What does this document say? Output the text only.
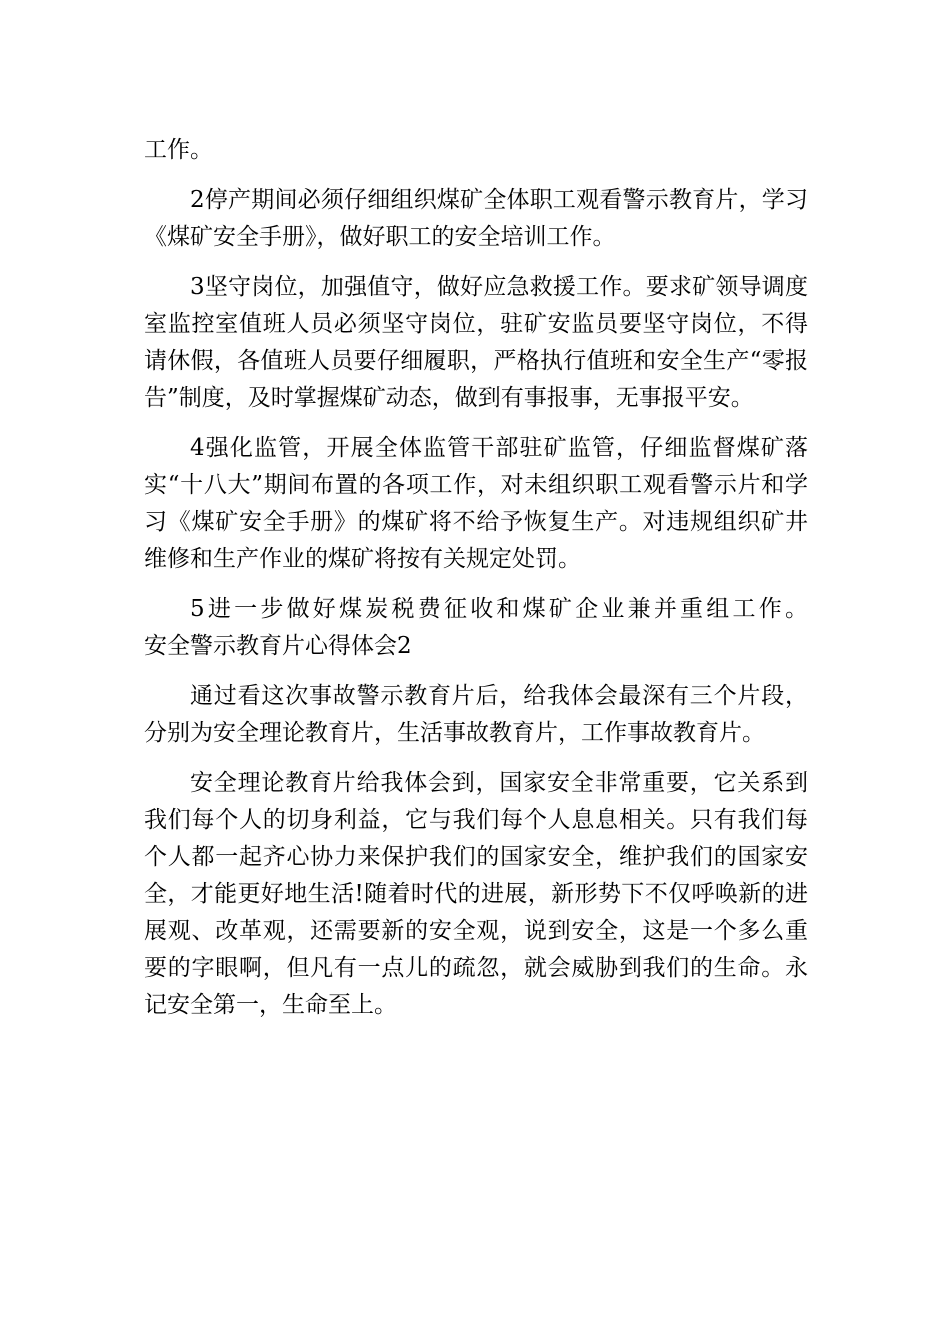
工作。

2停产期间必须仔细组织煤矿全体职工观看警示教育片，学习《煤矿安全手册》，做好职工的安全培训工作。

3坚守岗位，加强值守，做好应急救援工作。要求矿领导调度室监控室值班人员必须坚守岗位，驻矿安监员要坚守岗位，不得请休假，各值班人员要仔细履职，严格执行值班和安全生产“零报告”制度，及时掌握煤矿动态，做到有事报事，无事报平安。

4强化监管，开展全体监管干部驻矿监管，仔细监督煤矿落实“十八大”期间布置的各项工作，对未组织职工观看警示片和学习《煤矿安全手册》的煤矿将不给予恢复生产。对违规组织矿井维修和生产作业的煤矿将按有关规定处罚。

5进一步做好煤炭税费征收和煤矿企业兼并重组工作。        安全警示教育片心得体会2

通过看这次事故警示教育片后，给我体会最深有三个片段，分别为安全理论教育片，生活事故教育片，工作事故教育片。

安全理论教育片给我体会到，国家安全非常重要，它关系到我们每个人的切身利益，它与我们每个人息息相关。只有我们每个人都一起齐心协力来保护我们的国家安全，维护我们的国家安全，才能更好地生活!随着时代的进展，新形势下不仅呼唤新的进展观、改革观，还需要新的安全观，说到安全，这是一个多么重要的字眼啊，但凡有一点儿的疏忽，就会威胁到我们的生命。永记安全第一，生命至上。
